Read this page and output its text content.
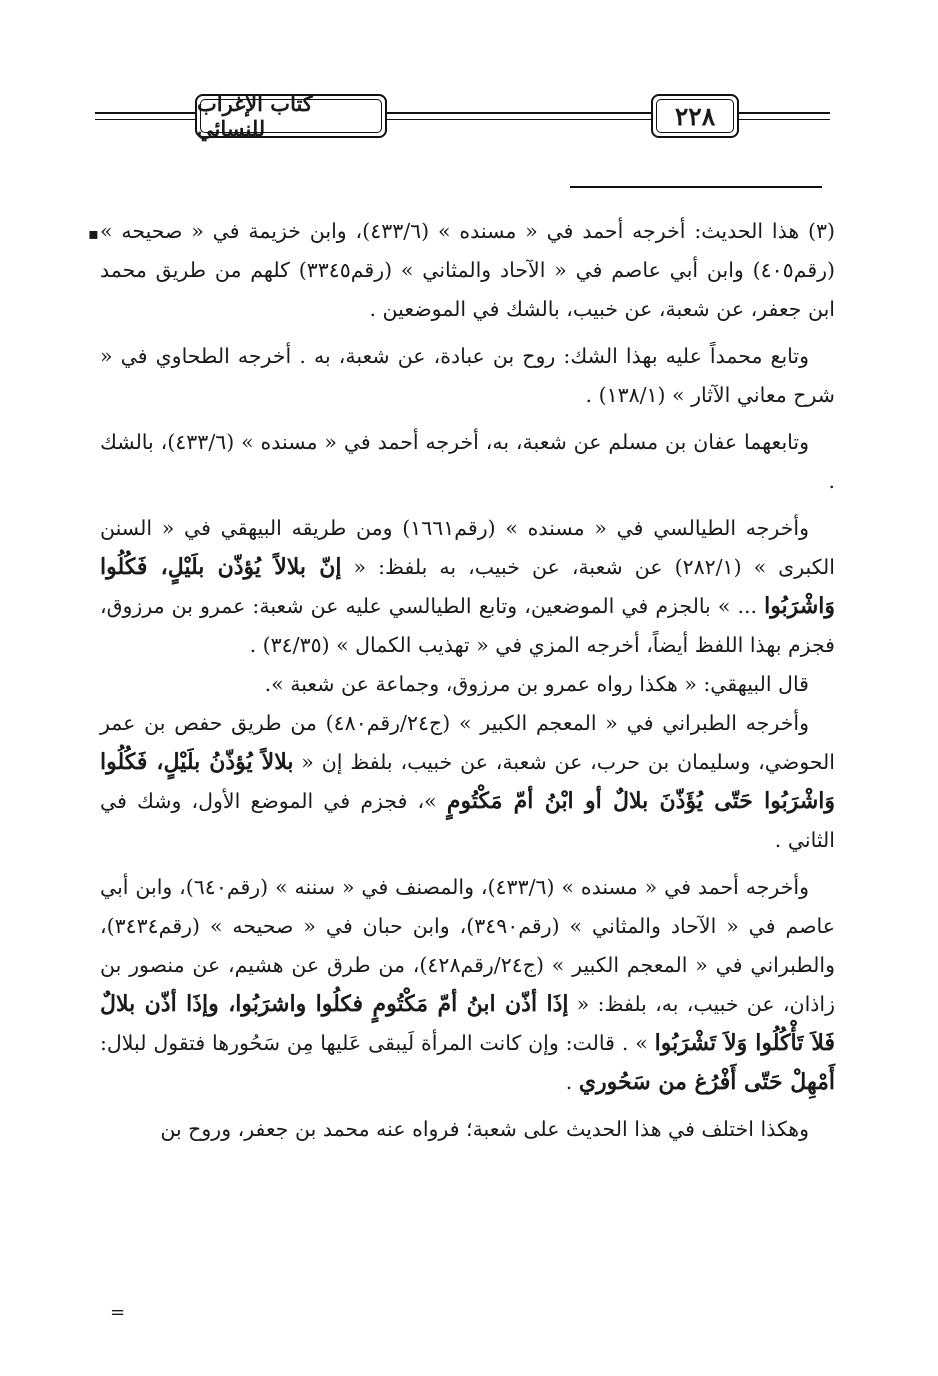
كتاب الإغراب للنسائي	٢٢٨
▪ (٣) هذا الحديث: أخرجه أحمد في « مسنده » (٤٣٣/٦)، وابن خزيمة في « صحيحه » (رقم٤٠٥) وابن أبي عاصم في « الآحاد والمثاني » (رقم٣٣٤٥) كلهم من طريق محمد ابن جعفر، عن شعبة، عن خبيب، بالشك في الموضعين .

وتابع محمداً عليه بهذا الشك: روح بن عبادة، عن شعبة، به . أخرجه الطحاوي في « شرح معاني الآثار » (١٣٨/١) .

وتابعهما عفان بن مسلم عن شعبة، به، أخرجه أحمد في « مسنده » (٤٣٣/٦)، بالشك .

وأخرجه الطيالسي في « مسنده » (رقم١٦٦١) ومن طريقه البيهقي في « السنن الكبرى » (٢٨٢/١) عن شعبة، عن خبيب، به بلفظ: « إنّ بلالاً يُؤذّن بلَيْلٍ، فَكُلُوا وَاشْرَبُوا ... » بالجزم في الموضعين، وتابع الطيالسي عليه عن شعبة: عمرو بن مرزوق، فجزم بهذا اللفظ أيضاً، أخرجه المزي في « تهذيب الكمال » (٣٤/٣٥) .

قال البيهقي: « هكذا رواه عمرو بن مرزوق، وجماعة عن شعبة ».

وأخرجه الطبراني في « المعجم الكبير » (ج٢٤/رقم٤٨٠) من طريق حفص بن عمر الحوضي، وسليمان بن حرب، عن شعبة، عن خبيب، بلفظ إن « بلالاً يُؤذّنُ بلَيْلٍ، فَكُلُوا وَاشْرَبُوا حَتّى يُؤَذّنَ بلالٌ أو ابْنُ أمّ مَكْتُومٍ »، فجزم في الموضع الأول، وشك في الثاني .

وأخرجه أحمد في « مسنده » (٤٣٣/٦)، والمصنف في « سننه » (رقم٦٤٠)، وابن أبي عاصم في « الآحاد والمثاني » (رقم٣٤٩٠)، وابن حبان في « صحيحه » (رقم٣٤٣٤)، والطبراني في « المعجم الكبير » (ج٢٤/رقم٤٢٨)، من طرق عن هشيم، عن منصور بن زاذان، عن خبيب، به، بلفظ: « إذَا أذّن ابنُ أمّ مَكْتُومٍ فكلُوا واشرَبُوا، وإذَا أذّن بلالٌ فَلاَ تَأْكُلُوا وَلاَ تَشْرَبُوا » . قالت: وإن كانت المرأة لَيبقى عَليها مِن سَحُورها فتقول لبلال: أَمْهِلْ حَتّى أَفْرُغ من سَحُوري .

وهكذا اختلف في هذا الحديث على شعبة؛ فرواه عنه محمد بن جعفر، وروح بن

=
